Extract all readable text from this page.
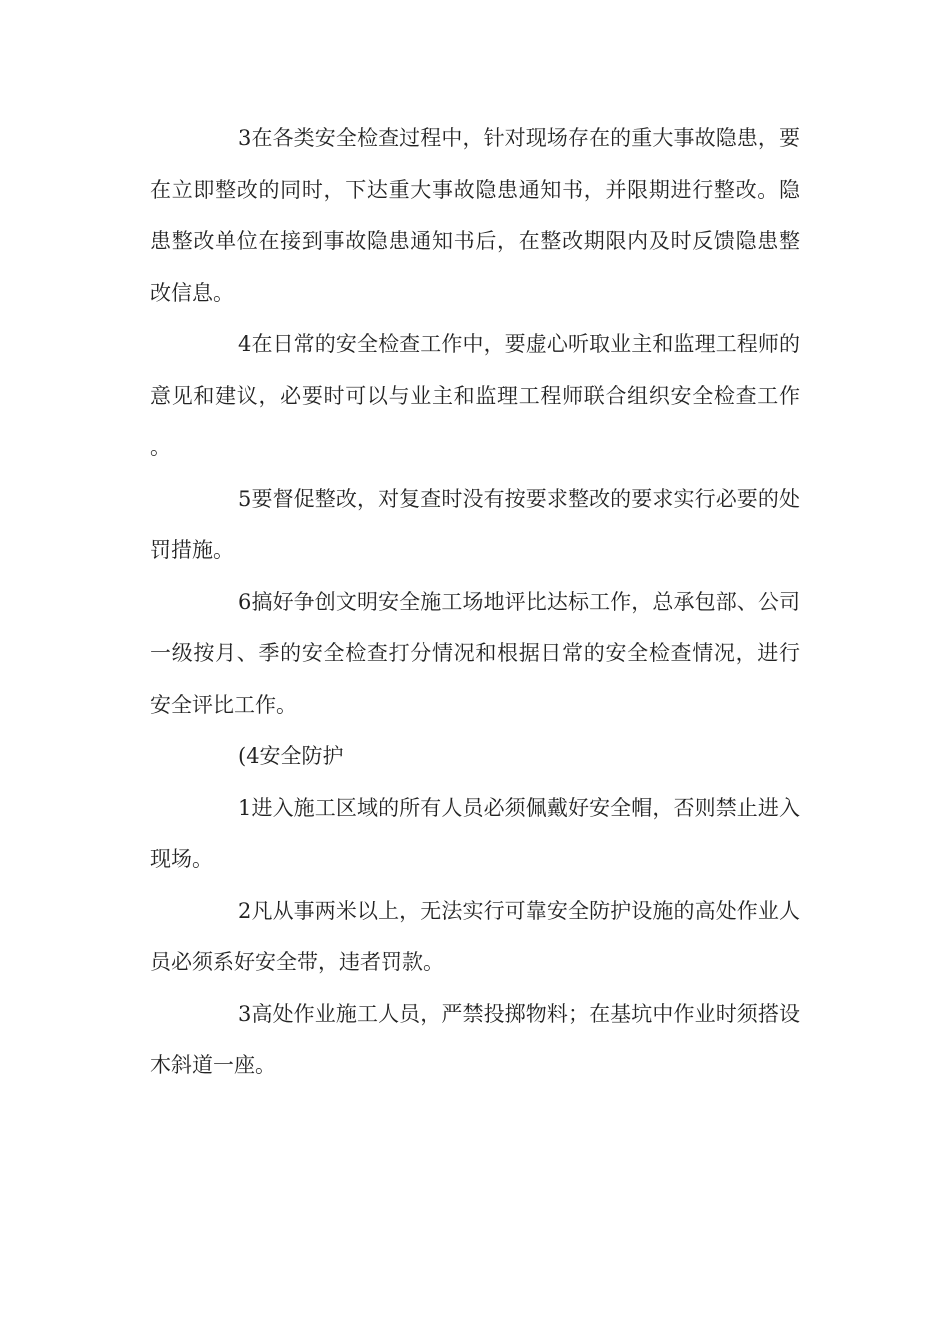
3在各类安全检查过程中，针对现场存在的重大事故隐患，要在立即整改的同时，下达重大事故隐患通知书，并限期进行整改。隐患整改单位在接到事故隐患通知书后，在整改期限内及时反馈隐患整改信息。

4在日常的安全检查工作中，要虚心听取业主和监理工程师的意见和建议，必要时可以与业主和监理工程师联合组织安全检查工作。

5要督促整改，对复查时没有按要求整改的要求实行必要的处罚措施。

6搞好争创文明安全施工场地评比达标工作，总承包部、公司一级按月、季的安全检查打分情况和根据日常的安全检查情况，进行安全评比工作。

(4安全防护

1进入施工区域的所有人员必须佩戴好安全帽，否则禁止进入现场。

2凡从事两米以上，无法实行可靠安全防护设施的高处作业人员必须系好安全带，违者罚款。

3高处作业施工人员，严禁投掷物料；在基坑中作业时须搭设木斜道一座。
